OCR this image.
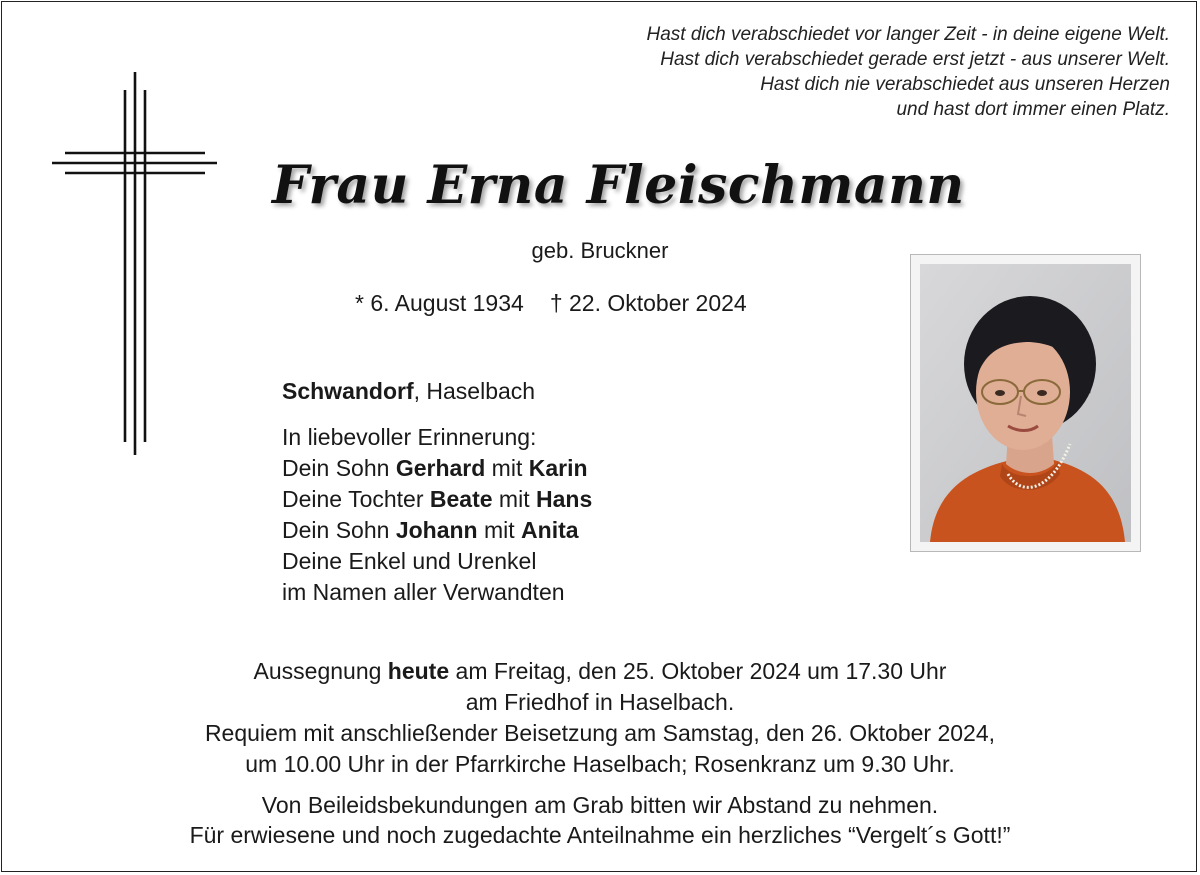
Hast dich verabschiedet vor langer Zeit - in deine eigene Welt.
Hast dich verabschiedet gerade erst jetzt - aus unserer Welt.
Hast dich nie verabschiedet aus unseren Herzen
und hast dort immer einen Platz.
Frau Erna Fleischmann
geb. Bruckner
* 6. August 1934 † 22. Oktober 2024
Schwandorf, Haselbach
In liebevoller Erinnerung:
Dein Sohn Gerhard mit Karin
Deine Tochter Beate mit Hans
Dein Sohn Johann mit Anita
Deine Enkel und Urenkel
im Namen aller Verwandten
Aussegnung heute am Freitag, den 25. Oktober 2024 um 17.30 Uhr
am Friedhof in Haselbach.
Requiem mit anschließender Beisetzung am Samstag, den 26. Oktober 2024,
um 10.00 Uhr in der Pfarrkirche Haselbach; Rosenkranz um 9.30 Uhr.
Von Beileidsbekundungen am Grab bitten wir Abstand zu nehmen.
Für erwiesene und noch zugedachte Anteilnahme ein herzliches “Vergelt´s Gott!”
